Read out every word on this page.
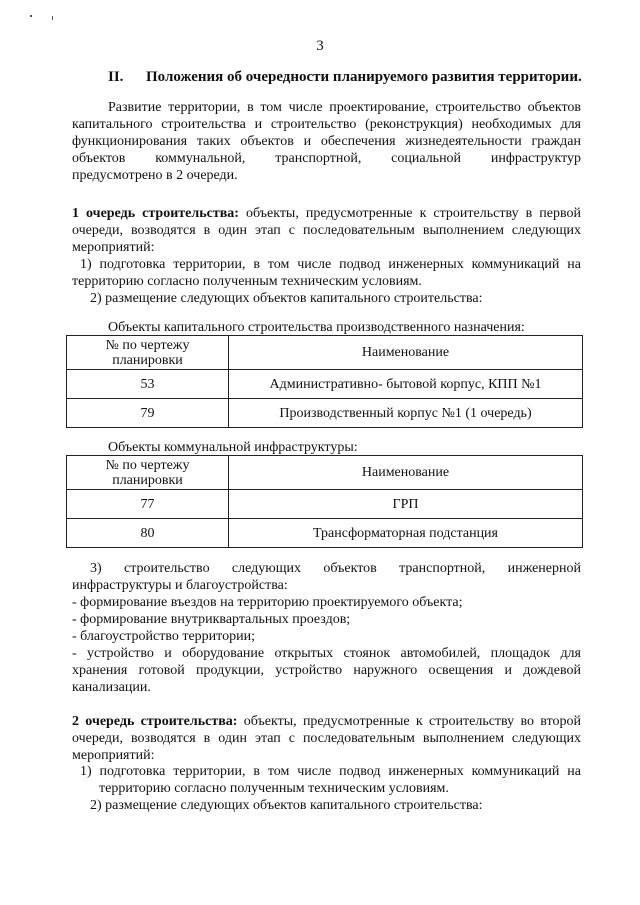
3
II. Положения об очередности планируемого развития территории.
Развитие территории, в том числе проектирование, строительство объектов
капитального строительства и строительство (реконструкция) необходимых для
функционирования таких объектов и обеспечения жизнедеятельности граждан
объектов коммунальной, транспортной, социальной инфраструктур
предусмотрено в 2 очереди.
1 очередь строительства: объекты, предусмотренные к строительству в первой
очереди, возводятся в один этап с последовательным выполнением следующих
мероприятий:
1) подготовка территории, в том числе подвод инженерных коммуникаций на
территорию согласно полученным техническим условиям.
2) размещение следующих объектов капитального строительства:
Объекты капитального строительства производственного назначения:
№ по чертежу
планировки	Наименование
53	Административно- бытовой корпус, КПП №1
79	Производственный корпус №1 (1 очередь)
Объекты коммунальной инфраструктуры:
№ по чертежу
планировки	Наименование
77	ГРП
80	Трансформаторная подстанция
3) строительство следующих объектов транспортной, инженерной
инфраструктуры и благоустройства:
- формирование въездов на территорию проектируемого объекта;
- формирование внутриквартальных проездов;
- благоустройство территории;
- устройство и оборудование открытых стоянок автомобилей, площадок для
хранения готовой продукции, устройство наружного освещения и дождевой
канализации.
2 очередь строительства: объекты, предусмотренные к строительству во второй
очереди, возводятся в один этап с последовательным выполнением следующих
мероприятий:
1) подготовка территории, в том числе подвод инженерных коммуникаций на
территорию согласно полученным техническим условиям.
2) размещение следующих объектов капитального строительства:
